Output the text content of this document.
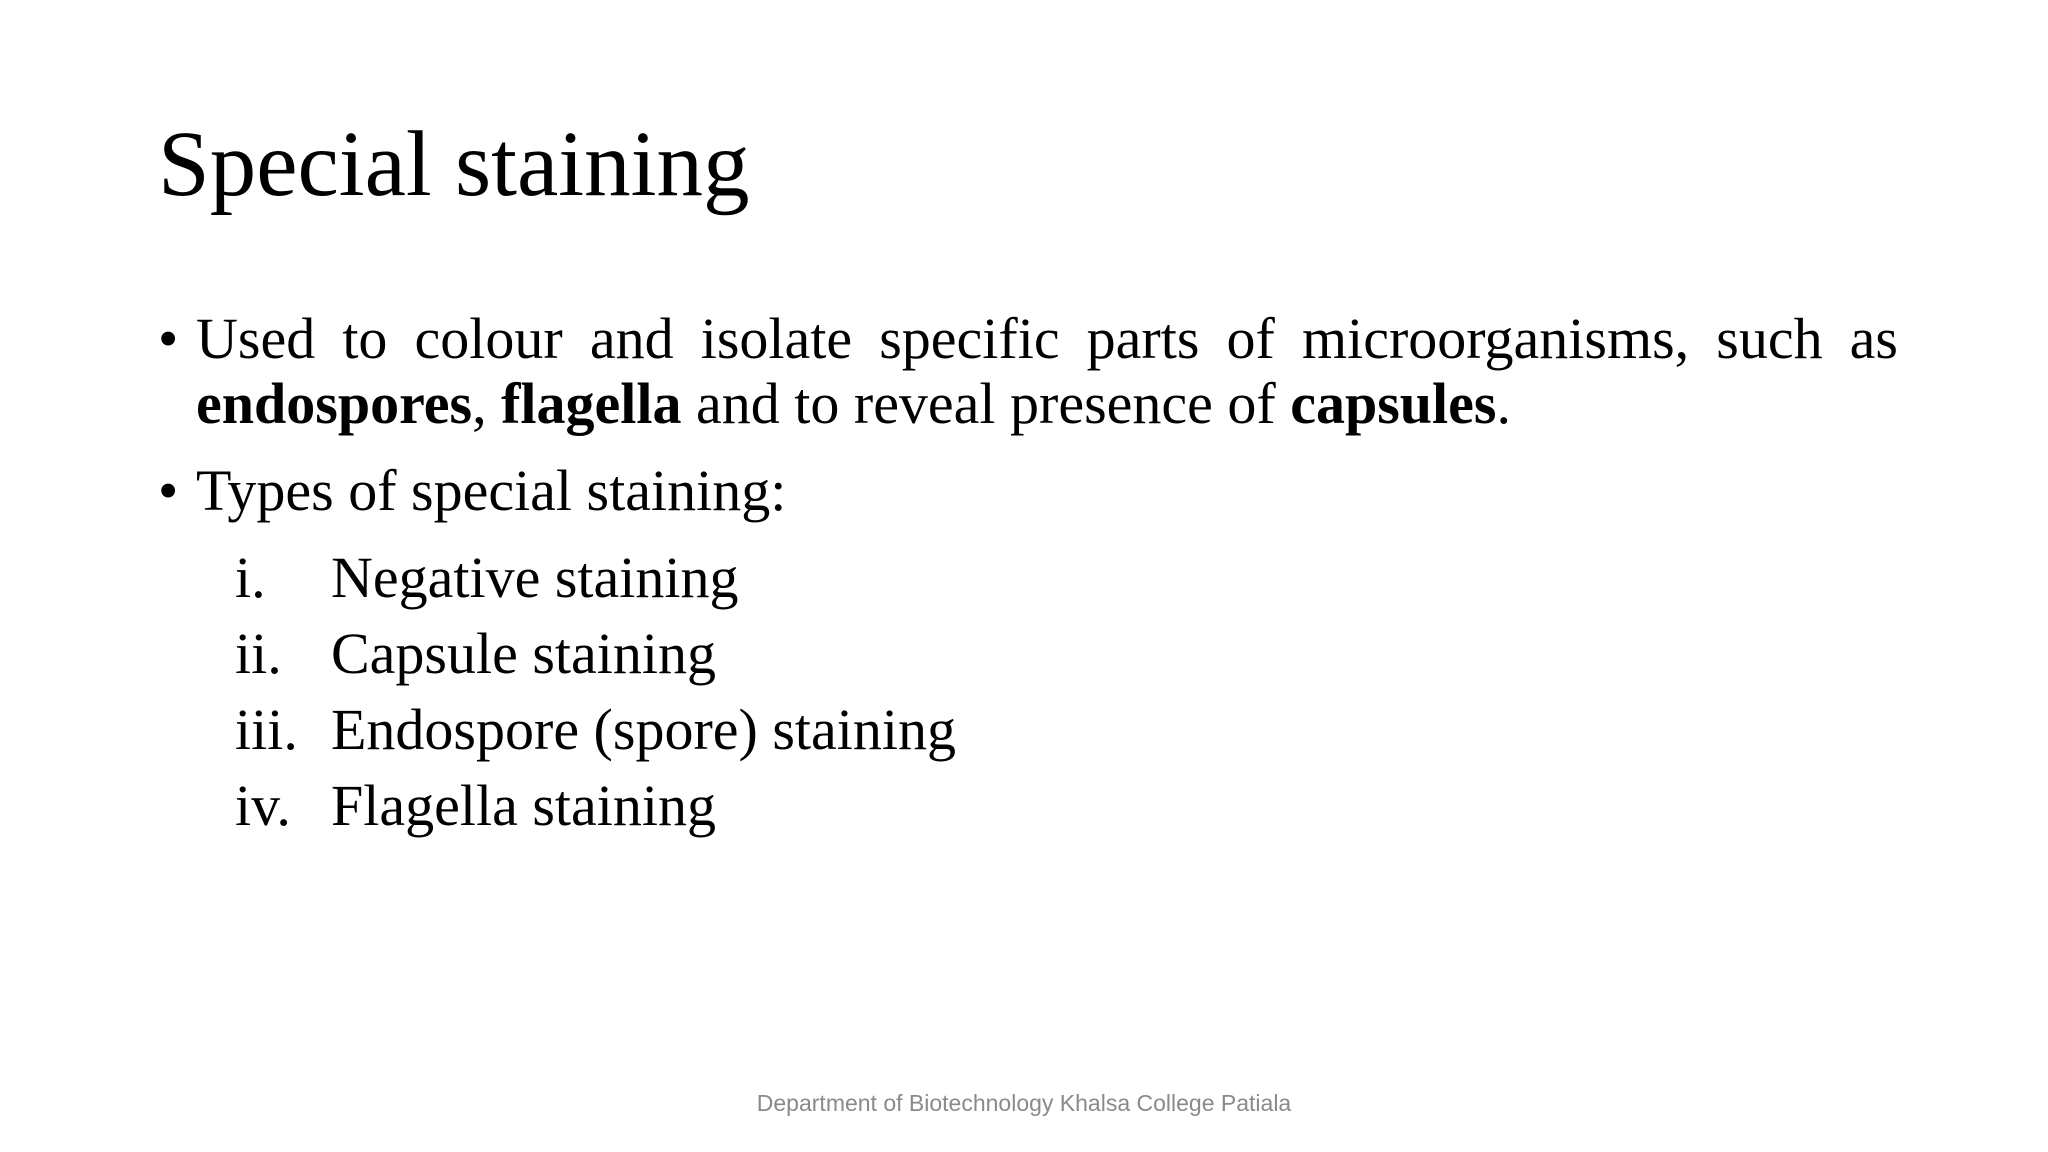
Special staining
• Used to colour and isolate specific parts of microorganisms, such as endospores, flagella and to reveal presence of capsules.
• Types of special staining:
i.	Negative staining
ii. Capsule staining
iii. Endospore (spore) staining
iv. Flagella staining
Department of Biotechnology Khalsa College Patiala
